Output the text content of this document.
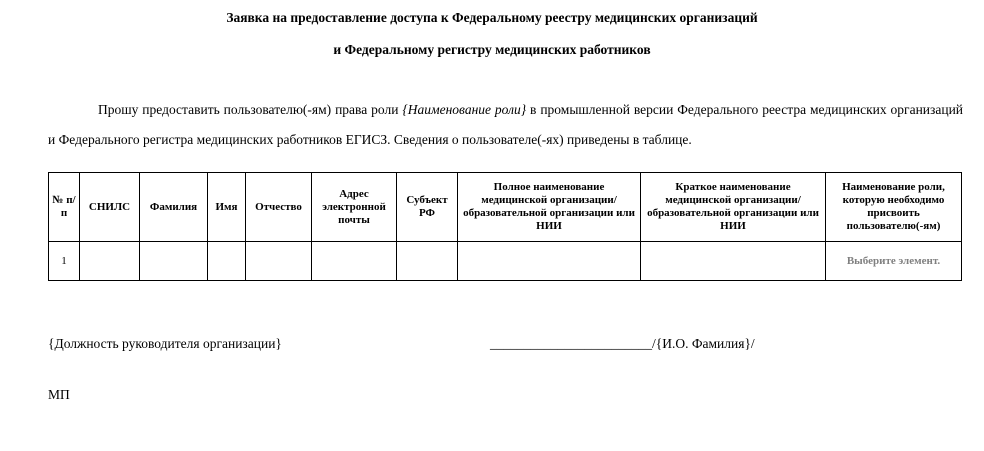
Заявка на предоставление доступа к Федеральному реестру медицинских организаций
и Федеральному регистру медицинских работников
Прошу предоставить пользователю(-ям) права роли {Наименование роли} в промышленной версии Федерального реестра медицинских организаций и Федерального регистра медицинских работников ЕГИСЗ. Сведения о пользователе(-ях) приведены в таблице.
№ п/п	СНИЛС	Фамилия	Имя	Отчество	Адрес электронной почты	Субъект РФ	Полное наименование медицинской организации/образовательной организации или НИИ	Краткое наименование медицинской организации/образовательной организации или НИИ	Наименование роли, которую необходимо присвоить пользователю(-ям)
1									Выберите элемент.
{Должность руководителя организации}	________________________/{И.О. Фамилия}/
МП
